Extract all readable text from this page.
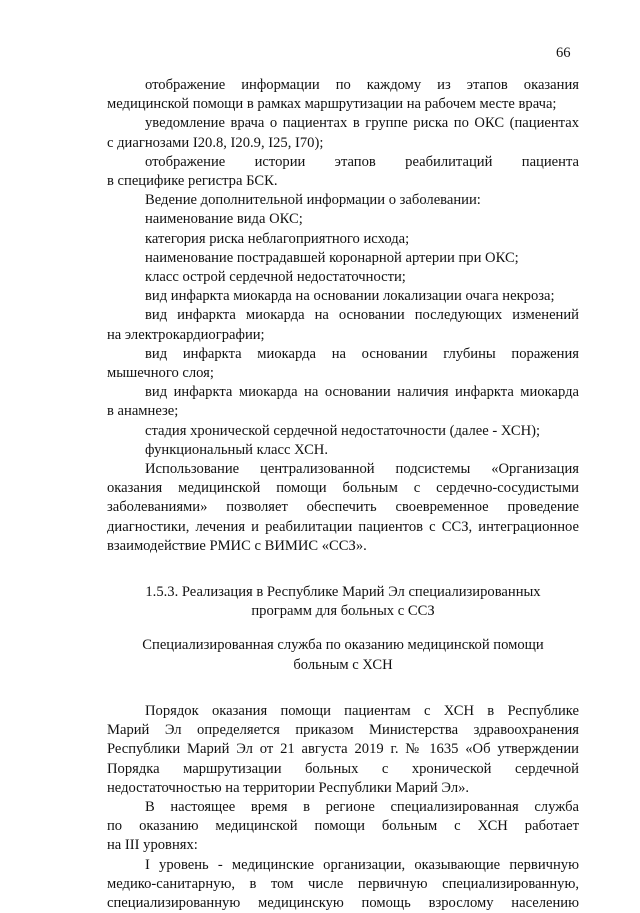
66

отображение информации по каждому из этапов оказания

медицинской помощи в рамках маршрутизации на рабочем месте врача;

уведомление врача о пациентах в группе риска по ОКС (пациентах

с диагнозами I20.8, I20.9, I25, I70);

отображение истории этапов реабилитаций пациента

в специфике регистра БСК.

Ведение дополнительной информации о заболевании:

наименование вида ОКС;

категория риска неблагоприятного исхода;

наименование пострадавшей коронарной артерии при ОКС;

класс острой сердечной недостаточности;

вид инфаркта миокарда на основании локализации очага некроза;

вид инфаркта миокарда на основании последующих изменений

на электрокардиографии;

вид инфаркта миокарда на основании глубины поражения

мышечного слоя;

вид инфаркта миокарда на основании наличия инфаркта миокарда

в анамнезе;

стадия хронической сердечной недостаточности (далее - ХСН);

функциональный класс ХСН.

Использование централизованной подсистемы «Организация

оказания медицинской помощи больным с сердечно-сосудистыми

заболеваниями» позволяет обеспечить своевременное проведение

диагностики, лечения и реабилитации пациентов с ССЗ, интеграционное

взаимодействие РМИС с ВИМИС «ССЗ».

1.5.3. Реализация в Республике Марий Эл специализированных

программ для больных с ССЗ

Специализированная служба по оказанию медицинской помощи

больным с ХСН

Порядок оказания помощи пациентам с ХСН в Республике

Марий Эл определяется приказом Министерства здравоохранения

Республики Марий Эл от 21 августа 2019 г. № 1635 «Об утверждении

Порядка маршрутизации больных с хронической сердечной

недостаточностью на территории Республики Марий Эл».

В настоящее время в регионе специализированная служба

по оказанию медицинской помощи больным с ХСН работает

на III уровнях:

I уровень - медицинские организации, оказывающие первичную

медико-санитарную, в том числе первичную специализированную,

специализированную медицинскую помощь взрослому населению
